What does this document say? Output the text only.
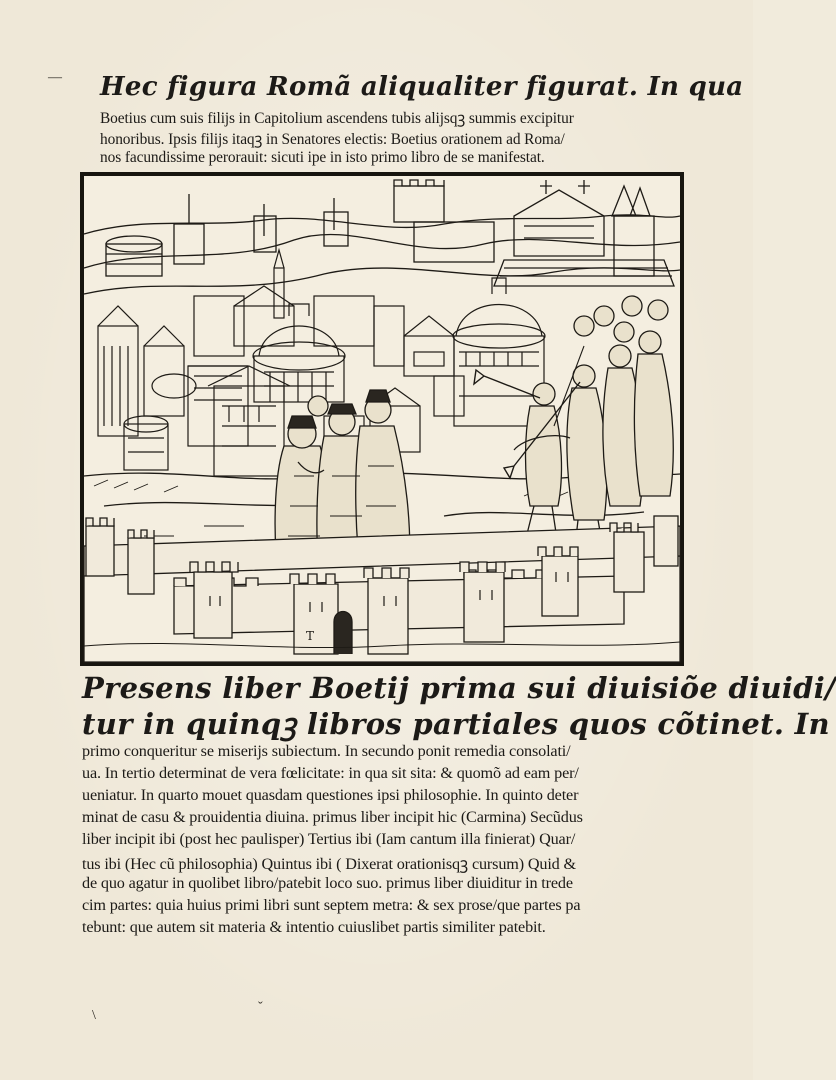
— Hec figura Romã aliqualiter figurat. In qua
Boetius cum suis filijs in Capitolium ascendens tubis alijsqꝫ summis excipitur
honoribus. Ipsis filijs itaqꝫ in Senatores electis: Boetius orationem ad Roma/
nos facundissime perorauit: sicuti ipe in isto primo libro de se manifestat.
T
Presens liber Boetij prima sui diuisiõe diuidi/
tur in quinqꝫ libros partiales quos cõtinet. In
primo conqueritur se miserijs subiectum. In secundo ponit remedia consolati/
ua. In tertio determinat de vera fœlicitate: in qua sit sita: & quomõ ad eam per/
ueniatur. In quarto mouet quasdam questiones ipsi philosophie. In quinto deter
minat de casu & prouidentia diuina. primus liber incipit hic (Carmina) Secũdus
liber incipit ibi (post hec paulisper) Tertius ibi (Iam cantum illa finierat) Quar/
tus ibi (Hec cũ philosophia) Quintus ibi ( Dixerat orationisqꝫ cursum) Quid &
de quo agatur in quolibet libro/patebit loco suo. primus liber diuiditur in trede
cim partes: quia huius primi libri sunt septem metra: & sex prose/que partes pa
tebunt: que autem sit materia & intentio cuiuslibet partis similiter patebit.
\
ˇ
